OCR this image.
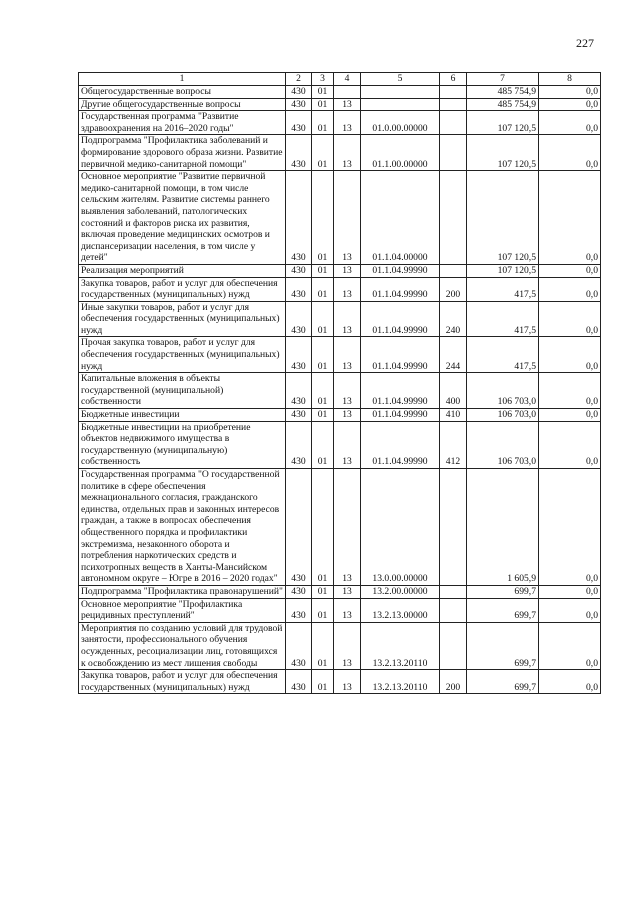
227
1	2	3	4	5	6	7	8
Общегосударственные вопросы	430	01				485 754,9	0,0
Другие общегосударственные вопросы	430	01	13			485 754,9	0,0
Государственная программа "Развитие здравоохранения на 2016–2020 годы"	430	01	13	01.0.00.00000		107 120,5	0,0
Подпрограмма "Профилактика заболеваний и формирование здорового образа жизни. Развитие первичной медико-санитарной помощи"	430	01	13	01.1.00.00000		107 120,5	0,0
Основное мероприятие "Развитие первичной медико-санитарной помощи, в том числе сельским жителям. Развитие системы раннего выявления заболеваний, патологических состояний и факторов риска их развития, включая проведение медицинских осмотров и диспансеризации населения, в том числе у детей"	430	01	13	01.1.04.00000		107 120,5	0,0
Реализация мероприятий	430	01	13	01.1.04.99990		107 120,5	0,0
Закупка товаров, работ и услуг для обеспечения государственных (муниципальных) нужд	430	01	13	01.1.04.99990	200	417,5	0,0
Иные закупки товаров, работ и услуг для обеспечения государственных (муниципальных) нужд	430	01	13	01.1.04.99990	240	417,5	0,0
Прочая закупка товаров, работ и услуг для обеспечения государственных (муниципальных) нужд	430	01	13	01.1.04.99990	244	417,5	0,0
Капитальные вложения в объекты государственной (муниципальной) собственности	430	01	13	01.1.04.99990	400	106 703,0	0,0
Бюджетные инвестиции	430	01	13	01.1.04.99990	410	106 703,0	0,0
Бюджетные инвестиции на приобретение объектов недвижимого имущества в государственную (муниципальную) собственность	430	01	13	01.1.04.99990	412	106 703,0	0,0
Государственная программа "О государственной политике в сфере обеспечения межнационального согласия, гражданского единства, отдельных прав и законных интересов граждан, а также в вопросах обеспечения общественного порядка и профилактики экстремизма, незаконного оборота и потребления наркотических средств и психотропных веществ в Ханты-Мансийском автономном округе – Югре в 2016 – 2020 годах"	430	01	13	13.0.00.00000		1 605,9	0,0
Подпрограмма "Профилактика правонарушений"	430	01	13	13.2.00.00000		699,7	0,0
Основное мероприятие "Профилактика рецидивных преступлений"	430	01	13	13.2.13.00000		699,7	0,0
Мероприятия по созданию условий для трудовой занятости, профессионального обучения осужденных, ресоциализации лиц, готовящихся к освобождению из мест лишения свободы	430	01	13	13.2.13.20110		699,7	0,0
Закупка товаров, работ и услуг для обеспечения государственных (муниципальных) нужд	430	01	13	13.2.13.20110	200	699,7	0,0
